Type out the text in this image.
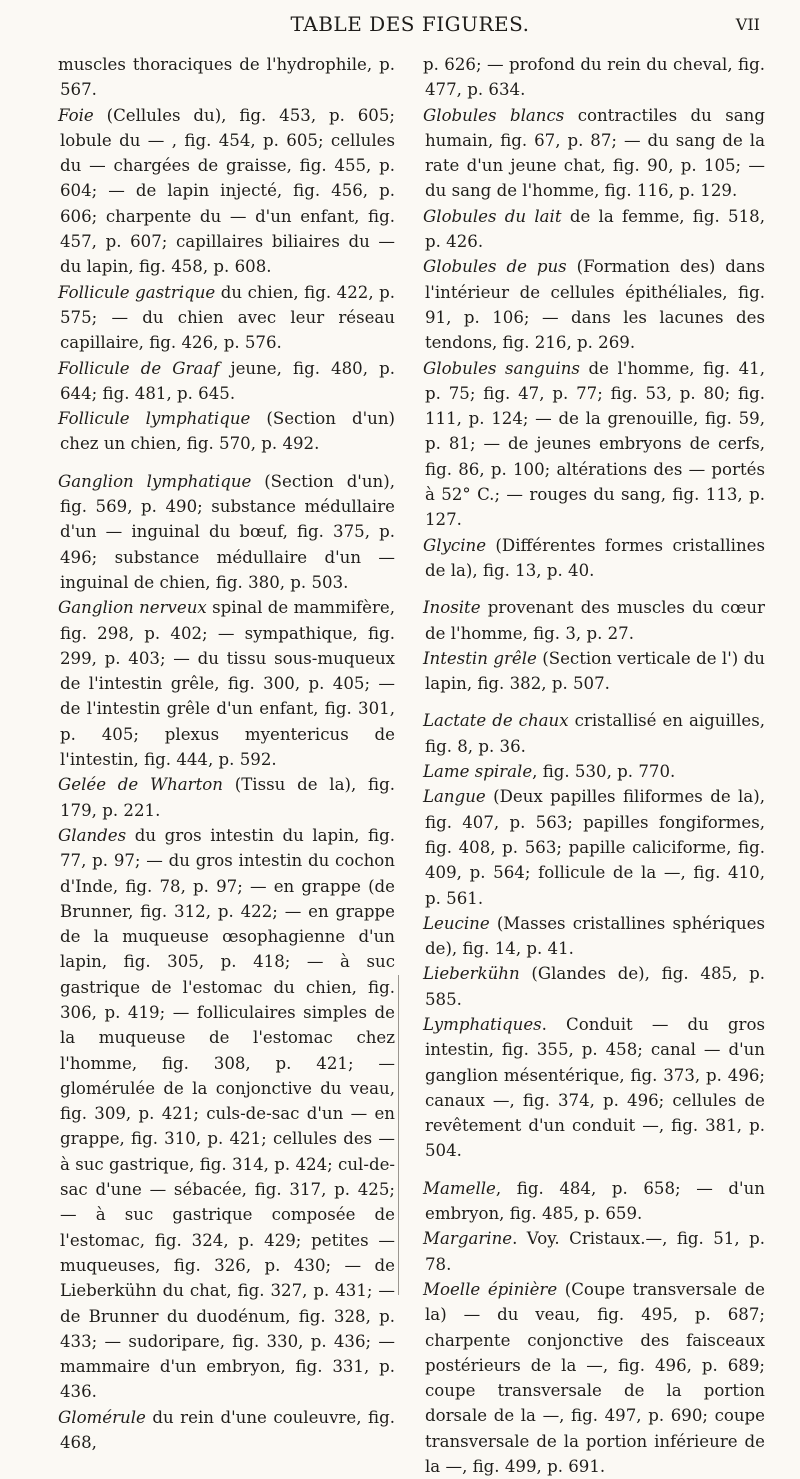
TABLE DES FIGURES.	VII

muscles thoraciques de l'hydrophile, p. 567.

Foie (Cellules du), fig. 453, p. 605; lobule du — , fig. 454, p. 605; cellules du — chargées de graisse, fig. 455, p. 604; — de lapin injecté, fig. 456, p. 606; charpente du — d'un enfant, fig. 457, p. 607; capillaires biliaires du — du lapin, fig. 458, p. 608.

Follicule gastrique du chien, fig. 422, p. 575; — du chien avec leur réseau capillaire, fig. 426, p. 576.

Follicule de Graaf jeune, fig. 480, p. 644; fig. 481, p. 645.

Follicule lymphatique (Section d'un) chez un chien, fig. 570, p. 492.

Ganglion lymphatique (Section d'un), fig. 569, p. 490; substance médullaire d'un — inguinal du bœuf, fig. 375, p. 496; substance médullaire d'un — inguinal de chien, fig. 380, p. 503.

Ganglion nerveux spinal de mammifère, fig. 298, p. 402; — sympathique, fig. 299, p. 403; — du tissu sous-muqueux de l'intestin grêle, fig. 300, p. 405; — de l'intestin grêle d'un enfant, fig. 301, p. 405; plexus myentericus de l'intestin, fig. 444, p. 592.

Gelée de Wharton (Tissu de la), fig. 179, p. 221.

Glandes du gros intestin du lapin, fig. 77, p. 97; — du gros intestin du cochon d'Inde, fig. 78, p. 97; — en grappe (de Brunner, fig. 312, p. 422; — en grappe de la muqueuse œsophagienne d'un lapin, fig. 305, p. 418; — à suc gastrique de l'estomac du chien, fig. 306, p. 419; — folliculaires simples de la muqueuse de l'estomac chez l'homme, fig. 308, p. 421; — glomérulée de la conjonctive du veau, fig. 309, p. 421; culs-de-sac d'un — en grappe, fig. 310, p. 421; cellules des — à suc gastrique, fig. 314, p. 424; cul-de-sac d'une — sébacée, fig. 317, p. 425; — à suc gastrique composée de l'estomac, fig. 324, p. 429; petites — muqueuses, fig. 326, p. 430; — de Lieberkühn du chat, fig. 327, p. 431; — de Brunner du duodénum, fig. 328, p. 433; — sudoripare, fig. 330, p. 436; — mammaire d'un embryon, fig. 331, p. 436.

Glomérule du rein d'une couleuvre, fig. 468,

p. 626; — profond du rein du cheval, fig. 477, p. 634.

Globules blancs contractiles du sang humain, fig. 67, p. 87; — du sang de la rate d'un jeune chat, fig. 90, p. 105; — du sang de l'homme, fig. 116, p. 129.

Globules du lait de la femme, fig. 518, p. 426.

Globules de pus (Formation des) dans l'intérieur de cellules épithéliales, fig. 91, p. 106; — dans les lacunes des tendons, fig. 216, p. 269.

Globules sanguins de l'homme, fig. 41, p. 75; fig. 47, p. 77; fig. 53, p. 80; fig. 111, p. 124; — de la grenouille, fig. 59, p. 81; — de jeunes embryons de cerfs, fig. 86, p. 100; altérations des — portés à 52° C.; — rouges du sang, fig. 113, p. 127.

Glycine (Différentes formes cristallines de la), fig. 13, p. 40.

Inosite provenant des muscles du cœur de l'homme, fig. 3, p. 27.

Intestin grêle (Section verticale de l') du lapin, fig. 382, p. 507.

Lactate de chaux cristallisé en aiguilles, fig. 8, p. 36.

Lame spirale, fig. 530, p. 770.

Langue (Deux papilles filiformes de la), fig. 407, p. 563; papilles fongiformes, fig. 408, p. 563; papille caliciforme, fig. 409, p. 564; follicule de la —, fig. 410, p. 561.

Leucine (Masses cristallines sphériques de), fig. 14, p. 41.

Lieberkühn (Glandes de), fig. 485, p. 585.

Lymphatiques. Conduit — du gros intestin, fig. 355, p. 458; canal — d'un ganglion mésentérique, fig. 373, p. 496; canaux —, fig. 374, p. 496; cellules de revêtement d'un conduit —, fig. 381, p. 504.

Mamelle, fig. 484, p. 658; — d'un embryon, fig. 485, p. 659.

Margarine. Voy. Cristaux.—, fig. 51, p. 78.

Moelle épinière (Coupe transversale de la) — du veau, fig. 495, p. 687; charpente conjonctive des faisceaux postérieurs de la —, fig. 496, p. 689; coupe transversale de la portion dorsale de la —, fig. 497, p. 690; coupe transversale de la portion inférieure de la —, fig. 499, p. 691.
